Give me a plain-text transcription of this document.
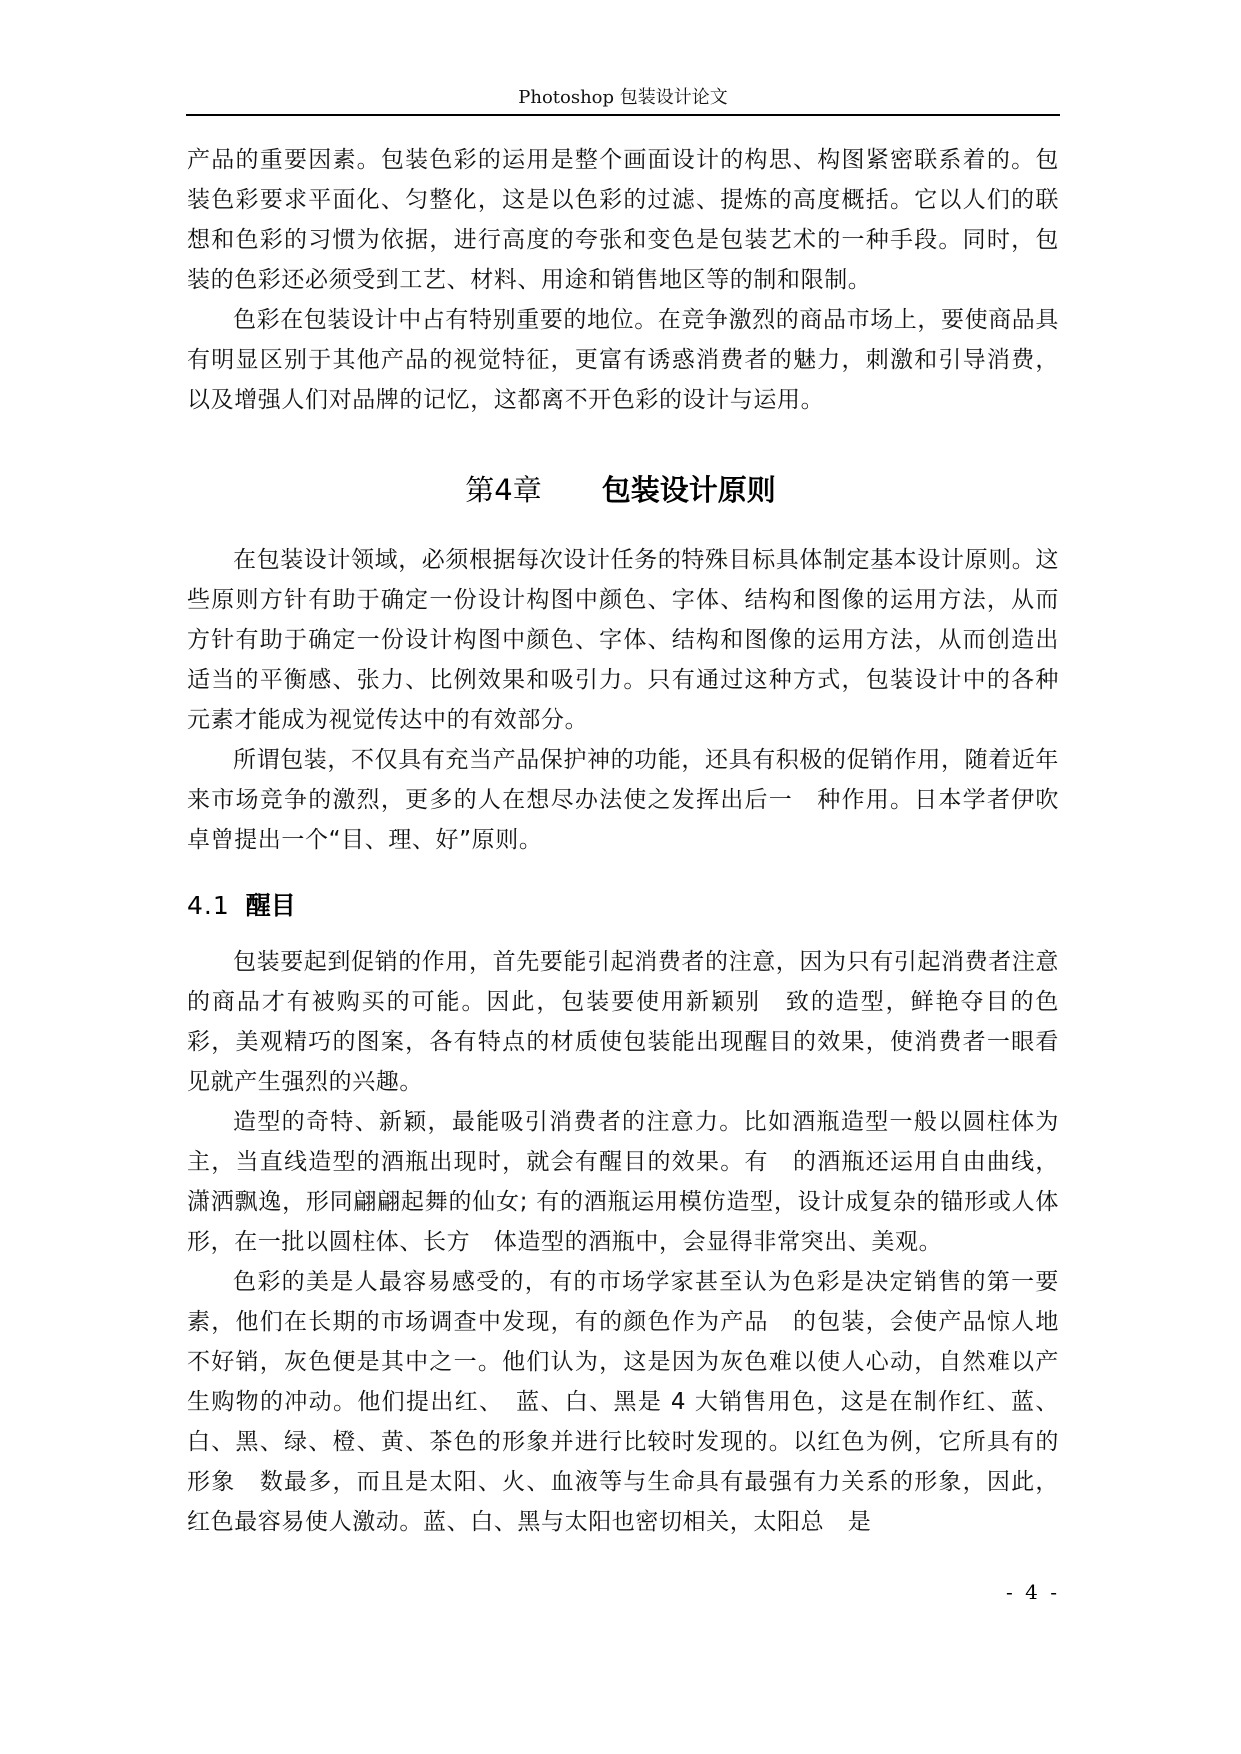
Photoshop 包装设计论文

产品的重要因素。包装色彩的运用是整个画面设计的构思、构图紧密联系着的。包装色彩要求平面化、匀整化，这是以色彩的过滤、提炼的高度概括。它以人们的联想和色彩的习惯为依据，进行高度的夸张和变色是包装艺术的一种手段。同时，包装的色彩还必须受到工艺、材料、用途和销售地区等的制和限制。

色彩在包装设计中占有特别重要的地位。在竞争激烈的商品市场上，要使商品具有明显区别于其他产品的视觉特征，更富有诱惑消费者的魅力，刺激和引导消费，以及增强人们对品牌的记忆，这都离不开色彩的设计与运用。

第4章 包装设计原则

在包装设计领域，必须根据每次设计任务的特殊目标具体制定基本设计原则。这些原则方针有助于确定一份设计构图中颜色、字体、结构和图像的运用方法，从而方针有助于确定一份设计构图中颜色、字体、结构和图像的运用方法，从而创造出适当的平衡感、张力、比例效果和吸引力。只有通过这种方式，包装设计中的各种元素才能成为视觉传达中的有效部分。

所谓包装，不仅具有充当产品保护神的功能，还具有积极的促销作用，随着近年来市场竞争的激烈，更多的人在想尽办法使之发挥出后一　种作用。日本学者伊吹卓曾提出一个“目、理、好”原则。

4.1 醒目

包装要起到促销的作用，首先要能引起消费者的注意，因为只有引起消费者注意的商品才有被购买的可能。因此，包装要使用新颖别　致的造型，鲜艳夺目的色彩，美观精巧的图案，各有特点的材质使包装能出现醒目的效果，使消费者一眼看见就产生强烈的兴趣。

造型的奇特、新颖，最能吸引消费者的注意力。比如酒瓶造型一般以圆柱体为主，当直线造型的酒瓶出现时，就会有醒目的效果。有　的酒瓶还运用自由曲线，潇洒飘逸，形同翩翩起舞的仙女; 有的酒瓶运用模仿造型，设计成复杂的锚形或人体形，在一批以圆柱体、长方　体造型的酒瓶中，会显得非常突出、美观。

色彩的美是人最容易感受的，有的市场学家甚至认为色彩是决定销售的第一要素，他们在长期的市场调查中发现，有的颜色作为产品　的包装，会使产品惊人地不好销，灰色便是其中之一。他们认为，这是因为灰色难以使人心动，自然难以产生购物的冲动。他们提出红、　蓝、白、黑是 4 大销售用色，这是在制作红、蓝、白、黑、绿、橙、黄、茶色的形象并进行比较时发现的。以红色为例，它所具有的形象　数最多，而且是太阳、火、血液等与生命具有最强有力关系的形象，因此，红色最容易使人激动。蓝、白、黑与太阳也密切相关，太阳总　是

- 4 -
